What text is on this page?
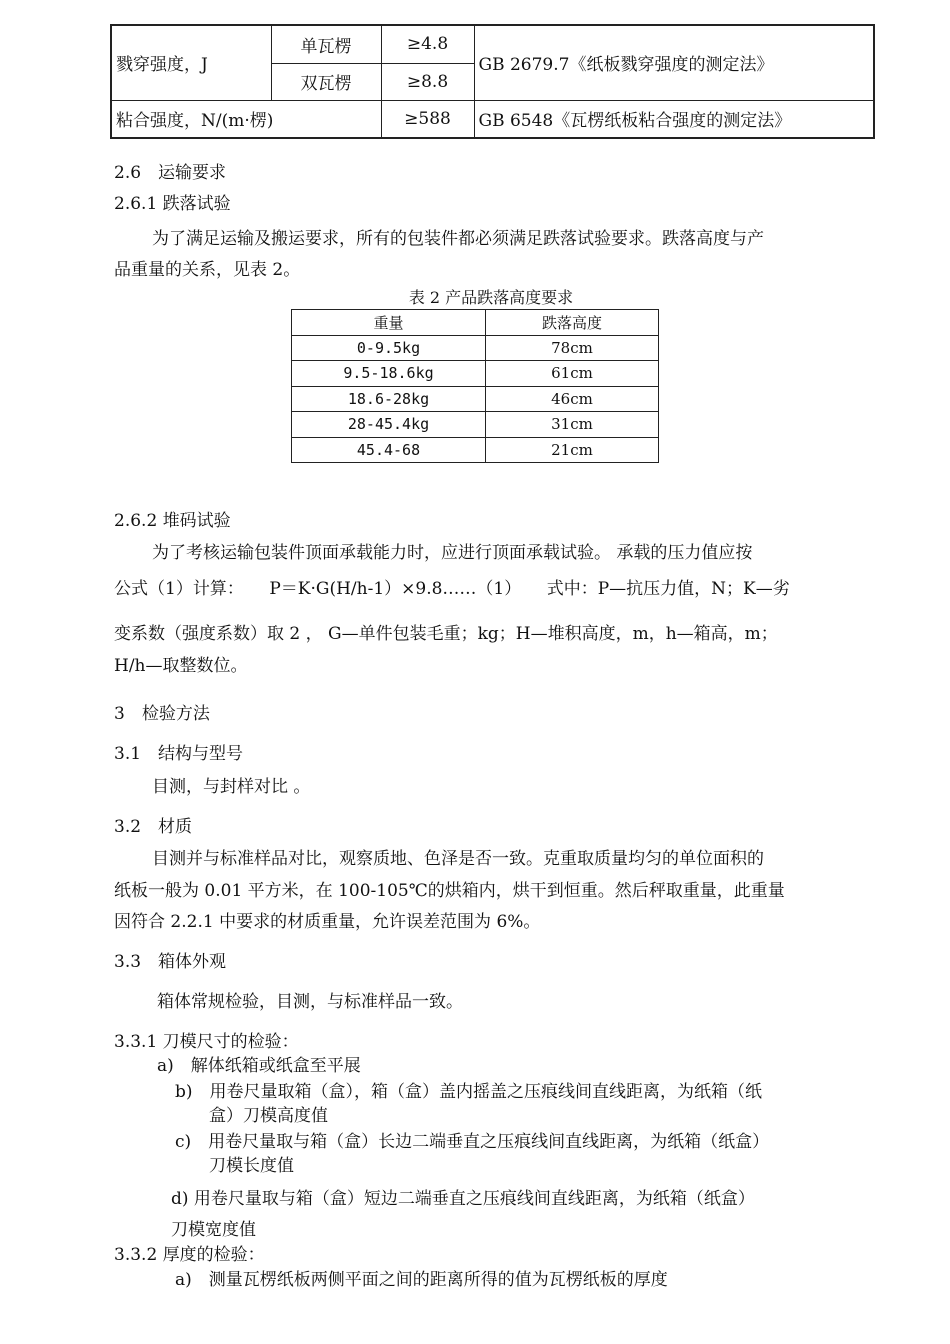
戮穿强度，J	单瓦楞	≥4.8	GB 2679.7《纸板戮穿强度的测定法》
	双瓦楞	≥8.8	
粘合强度，N/(m·楞)		≥588	GB 6548《瓦楞纸板粘合强度的测定法》
2.6　运输要求
2.6.1 跌落试验
为了满足运输及搬运要求，所有的包装件都必须满足跌落试验要求。跌落高度与产
品重量的关系，见表 2。
表 2 产品跌落高度要求
重量	跌落高度
0-9.5kg	78cm
9.5-18.6kg	61cm
18.6-28kg	46cm
28-45.4kg	31cm
45.4-68	21cm
2.6.2 堆码试验
为了考核运输包装件顶面承载能力时，应进行顶面承载试验。 承载的压力值应按
公式（1）计算：　　P＝K·G(H/h-1）×9.8……（1）　　式中：P—抗压力值，N；K—劣
变系数（强度系数）取 2 ， G—单件包装毛重；kg；H—堆积高度，m，h—箱高，m；
H/h—取整数位。
3　检验方法
3.1　结构与型号
目测，与封样对比 。
3.2　材质
目测并与标准样品对比，观察质地、色泽是否一致。克重取质量均匀的单位面积的
纸板一般为 0.01 平方米，在 100-105℃的烘箱内，烘干到恒重。然后秤取重量，此重量
因符合 2.2.1 中要求的材质重量，允许误差范围为 6%。
3.3　箱体外观
箱体常规检验，目测，与标准样品一致。
3.3.1 刀模尺寸的检验：
a)　解体纸箱或纸盒至平展
b)　用卷尺量取箱（盒），箱（盒）盖内摇盖之压痕线间直线距离，为纸箱（纸
盒）刀模高度值
c)　用卷尺量取与箱（盒）长边二端垂直之压痕线间直线距离，为纸箱（纸盒）
刀模长度值
d) 用卷尺量取与箱（盒）短边二端垂直之压痕线间直线距离，为纸箱（纸盒）
刀模宽度值
3.3.2 厚度的检验：
a)　测量瓦楞纸板两侧平面之间的距离所得的值为瓦楞纸板的厚度
